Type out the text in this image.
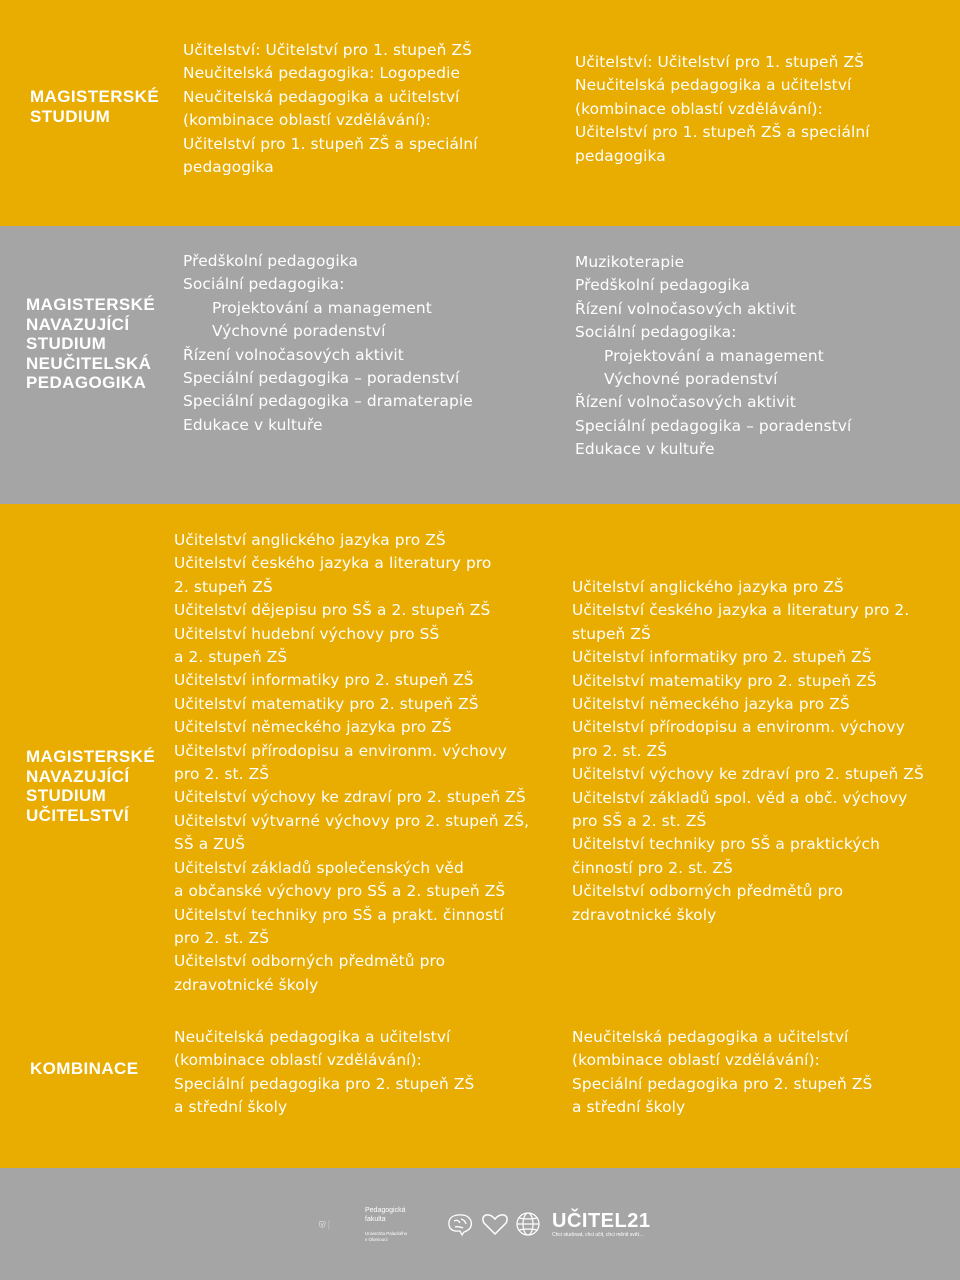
MAGISTERSKÉ
STUDIUM
Učitelství: Učitelství pro 1. stupeň ZŠ
Neučitelská pedagogika: Logopedie
Neučitelská pedagogika a učitelství
(kombinace oblastí vzdělávání):
Učitelství pro 1. stupeň ZŠ a speciální
pedagogika
Učitelství: Učitelství pro 1. stupeň ZŠ
Neučitelská pedagogika a učitelství
(kombinace oblastí vzdělávání):
Učitelství pro 1. stupeň ZŠ a speciální
pedagogika
MAGISTERSKÉ
NAVAZUJÍCÍ
STUDIUM
NEUČITELSKÁ
PEDAGOGIKA
Předškolní pedagogika
Sociální pedagogika:
Projektování a management
Výchovné poradenství
Řízení volnočasových aktivit
Speciální pedagogika – poradenství
Speciální pedagogika – dramaterapie
Edukace v kultuře
Muzikoterapie
Předškolní pedagogika
Řízení volnočasových aktivit
Sociální pedagogika:
Projektování a management
Výchovné poradenství
Řízení volnočasových aktivit
Speciální pedagogika – poradenství
Edukace v kultuře
MAGISTERSKÉ
NAVAZUJÍCÍ
STUDIUM
UČITELSTVÍ
Učitelství anglického jazyka pro ZŠ
Učitelství českého jazyka a literatury pro
2. stupeň ZŠ
Učitelství dějepisu pro SŠ a 2. stupeň ZŠ
Učitelství hudební výchovy pro SŠ
a 2. stupeň ZŠ
Učitelství informatiky pro 2. stupeň ZŠ
Učitelství matematiky pro 2. stupeň ZŠ
Učitelství německého jazyka pro ZŠ
Učitelství přírodopisu a environm. výchovy
pro 2. st. ZŠ
Učitelství výchovy ke zdraví pro 2. stupeň ZŠ
Učitelství výtvarné výchovy pro 2. stupeň ZŠ,
SŠ a ZUŠ
Učitelství základů společenských věd
a občanské výchovy pro SŠ a 2. stupeň ZŠ
Učitelství techniky pro SŠ a prakt. činností
pro 2. st. ZŠ
Učitelství odborných předmětů pro
zdravotnické školy
Učitelství anglického jazyka pro ZŠ
Učitelství českého jazyka a literatury pro 2.
stupeň ZŠ
Učitelství informatiky pro 2. stupeň ZŠ
Učitelství matematiky pro 2. stupeň ZŠ
Učitelství německého jazyka pro ZŠ
Učitelství přírodopisu a environm. výchovy
pro 2. st. ZŠ
Učitelství výchovy ke zdraví pro 2. stupeň ZŠ
Učitelství základů spol. věd a obč. výchovy
pro SŠ a 2. st. ZŠ
Učitelství techniky pro SŠ a praktických
činností pro 2. st. ZŠ
Učitelství odborných předmětů pro
zdravotnické školy
KOMBINACE
Neučitelská pedagogika a učitelství
(kombinace oblastí vzdělávání):
Speciální pedagogika pro 2. stupeň ZŠ
a střední školy
Neučitelská pedagogika a učitelství
(kombinace oblastí vzdělávání):
Speciální pedagogika pro 2. stupeň ZŠ
a střední školy
Pedagogická
fakulta
Univerzita Palackého
v Olomouci
UČITEL21
Chci studovat, chci učit, chci měnit svět…
